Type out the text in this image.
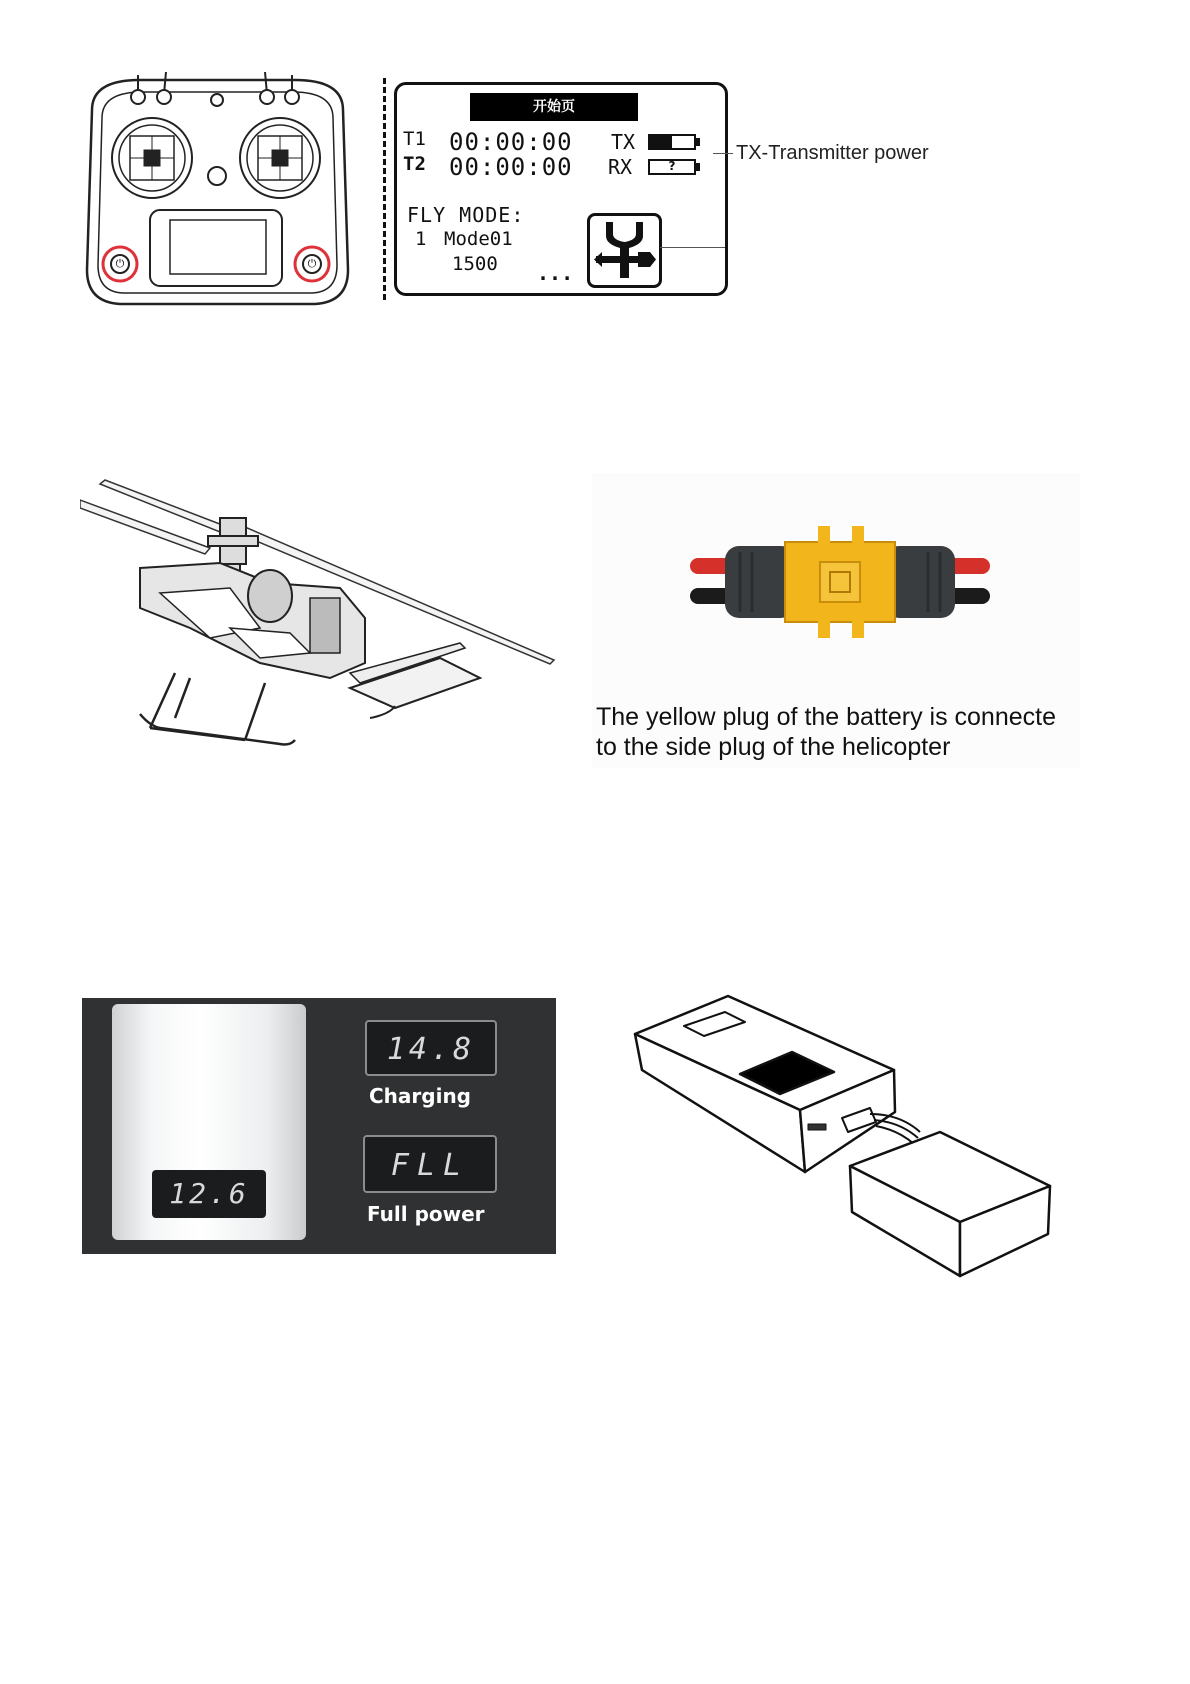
⏻	⏻
开始页
T1
T2
00:00:00
00:00:00
TX
RX	?
FLY MODE:
1 Mode01
1500 ...
TX-Transmitter power
The yellow plug of the battery is connecte
to the side plug of the helicopter
12.6
14.8
Charging
FLL
Full power
